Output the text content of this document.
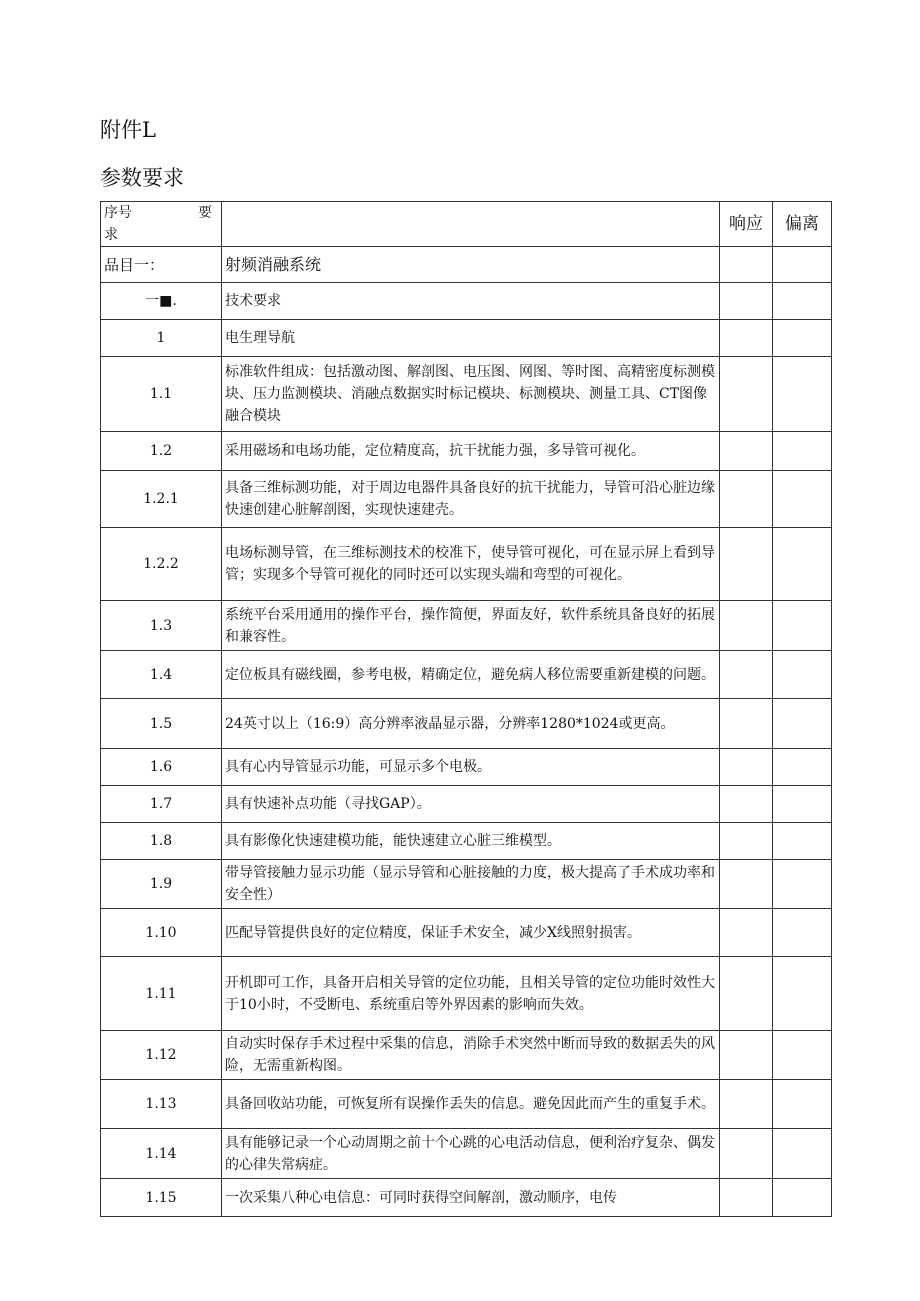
附件L
参数要求
序号 要求		响应	偏离
品目一：	射频消融系统		
一■.	技术要求		
1	电生理导航		
1.1	标准软件组成：包括激动图、解剖图、电压图、网图、等时图、高精密度标测模块、压力监测模块、消融点数据实时标记模块、标测模块、测量工具、CT图像融合模块		
1.2	采用磁场和电场功能，定位精度高，抗干扰能力强，多导管可视化。		
1.2.1	具备三维标测功能，对于周边电器件具备良好的抗干扰能力，导管可沿心脏边缘快速创建心脏解剖图，实现快速建壳。		
1.2.2	电场标测导管，在三维标测技术的校准下，使导管可视化，可在显示屏上看到导管；实现多个导管可视化的同时还可以实现头端和弯型的可视化。		
1.3	系统平台采用通用的操作平台，操作简便，界面友好，软件系统具备良好的拓展和兼容性。		
1.4	定位板具有磁线圈，参考电极，精确定位，避免病人移位需要重新建模的问题。		
1.5	24英寸以上（16:9）高分辨率液晶显示器，分辨率1280*1024或更高。		
1.6	具有心内导管显示功能，可显示多个电极。		
1.7	具有快速补点功能（寻找GAP）。		
1.8	具有影像化快速建模功能，能快速建立心脏三维模型。		
1.9	带导管接触力显示功能（显示导管和心脏接触的力度，极大提高了手术成功率和安全性）		
1.10	匹配导管提供良好的定位精度，保证手术安全，减少X线照射损害。		
1.11	开机即可工作，具备开启相关导管的定位功能，且相关导管的定位功能时效性大于10小时，不受断电、系统重启等外界因素的影响而失效。		
1.12	自动实时保存手术过程中采集的信息，消除手术突然中断而导致的数据丢失的风险，无需重新构图。		
1.13	具备回收站功能，可恢复所有误操作丢失的信息。避免因此而产生的重复手术。		
1.14	具有能够记录一个心动周期之前十个心跳的心电活动信息，便利治疗复杂、偶发的心律失常病症。		
1.15	一次采集八种心电信息：可同时获得空间解剖，激动顺序，电传		
